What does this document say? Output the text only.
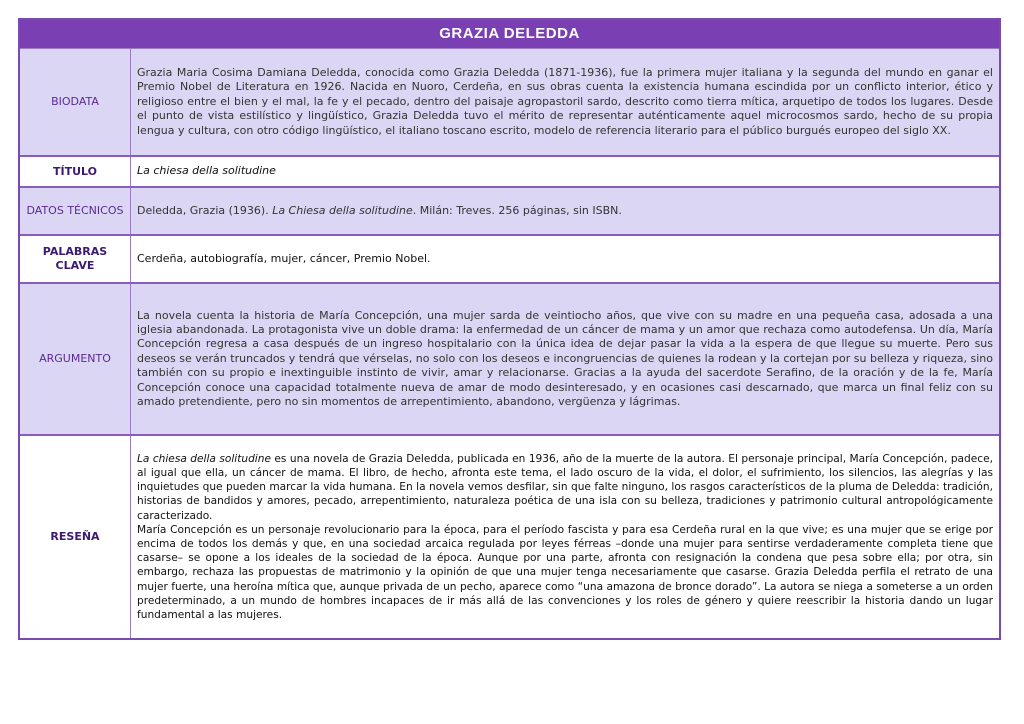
GRAZIA DELEDDA
BIODATA

Grazia Maria Cosima Damiana Deledda, conocida como Grazia Deledda (1871-1936), fue la primera mujer italiana y la segunda del mundo en ganar el Premio Nobel de Literatura en 1926. Nacida en Nuoro, Cerdeña, en sus obras cuenta la existencia humana escindida por un conflicto interior, ético y religioso entre el bien y el mal, la fe y el pecado, dentro del paisaje agropastoril sardo, descrito como tierra mítica, arquetipo de todos los lugares. Desde el punto de vista estilístico y lingüístico, Grazia Deledda tuvo el mérito de representar auténticamente aquel microcosmos sardo, hecho de su propia lengua y cultura, con otro código lingüístico, el italiano toscano escrito, modelo de referencia literario para el público burgués europeo del siglo XX.

TÍTULO	La chiesa della solitudine

DATOS TÉCNICOS	Deledda, Grazia (1936). La Chiesa della solitudine. Milán: Treves. 256 páginas, sin ISBN.

PALABRAS CLAVE

Cerdeña, autobiografía, mujer, cáncer, Premio Nobel.

ARGUMENTO

La novela cuenta la historia de María Concepción, una mujer sarda de veintiocho años, que vive con su madre en una pequeña casa, adosada a una iglesia abandonada. La protagonista vive un doble drama: la enfermedad de un cáncer de mama y un amor que rechaza como autodefensa. Un día, María Concepción regresa a casa después de un ingreso hospitalario con la única idea de dejar pasar la vida a la espera de que llegue su muerte. Pero sus deseos se verán truncados y tendrá que vérselas, no solo con los deseos e incongruencias de quienes la rodean y la cortejan por su belleza y riqueza, sino también con su propio e inextinguible instinto de vivir, amar y relacionarse. Gracias a la ayuda del sacerdote Serafino, de la oración y de la fe, María Concepción conoce una capacidad totalmente nueva de amar de modo desinteresado, y en ocasiones casi descarnado, que marca un final feliz con su amado pretendiente, pero no sin momentos de arrepentimiento, abandono, vergüenza y lágrimas.

RESEÑA

La chiesa della solitudine es una novela de Grazia Deledda, publicada en 1936, año de la muerte de la autora. El personaje principal, María Concepción, padece, al igual que ella, un cáncer de mama. El libro, de hecho, afronta este tema, el lado oscuro de la vida, el dolor, el sufrimiento, los silencios, las alegrías y las inquietudes que pueden marcar la vida humana. En la novela vemos desfilar, sin que falte ninguno, los rasgos característicos de la pluma de Deledda: tradición, historias de bandidos y amores, pecado, arrepentimiento, naturaleza poética de una isla con su belleza, tradiciones y patrimonio cultural antropológicamente caracterizado.

María Concepción es un personaje revolucionario para la época, para el período fascista y para esa Cerdeña rural en la que vive; es una mujer que se erige por encima de todos los demás y que, en una sociedad arcaica regulada por leyes férreas –donde una mujer para sentirse verdaderamente completa tiene que casarse– se opone a los ideales de la sociedad de la época. Aunque por una parte, afronta con resignación la condena que pesa sobre ella; por otra, sin embargo, rechaza las propuestas de matrimonio y la opinión de que una mujer tenga necesariamente que casarse. Grazia Deledda perfila el retrato de una mujer fuerte, una heroína mítica que, aunque privada de un pecho, aparece como “una amazona de bronce dorado”. La autora se niega a someterse a un orden predeterminado, a un mundo de hombres incapaces de ir más allá de las convenciones y los roles de género y quiere reescribir la historia dando un lugar fundamental a las mujeres.
